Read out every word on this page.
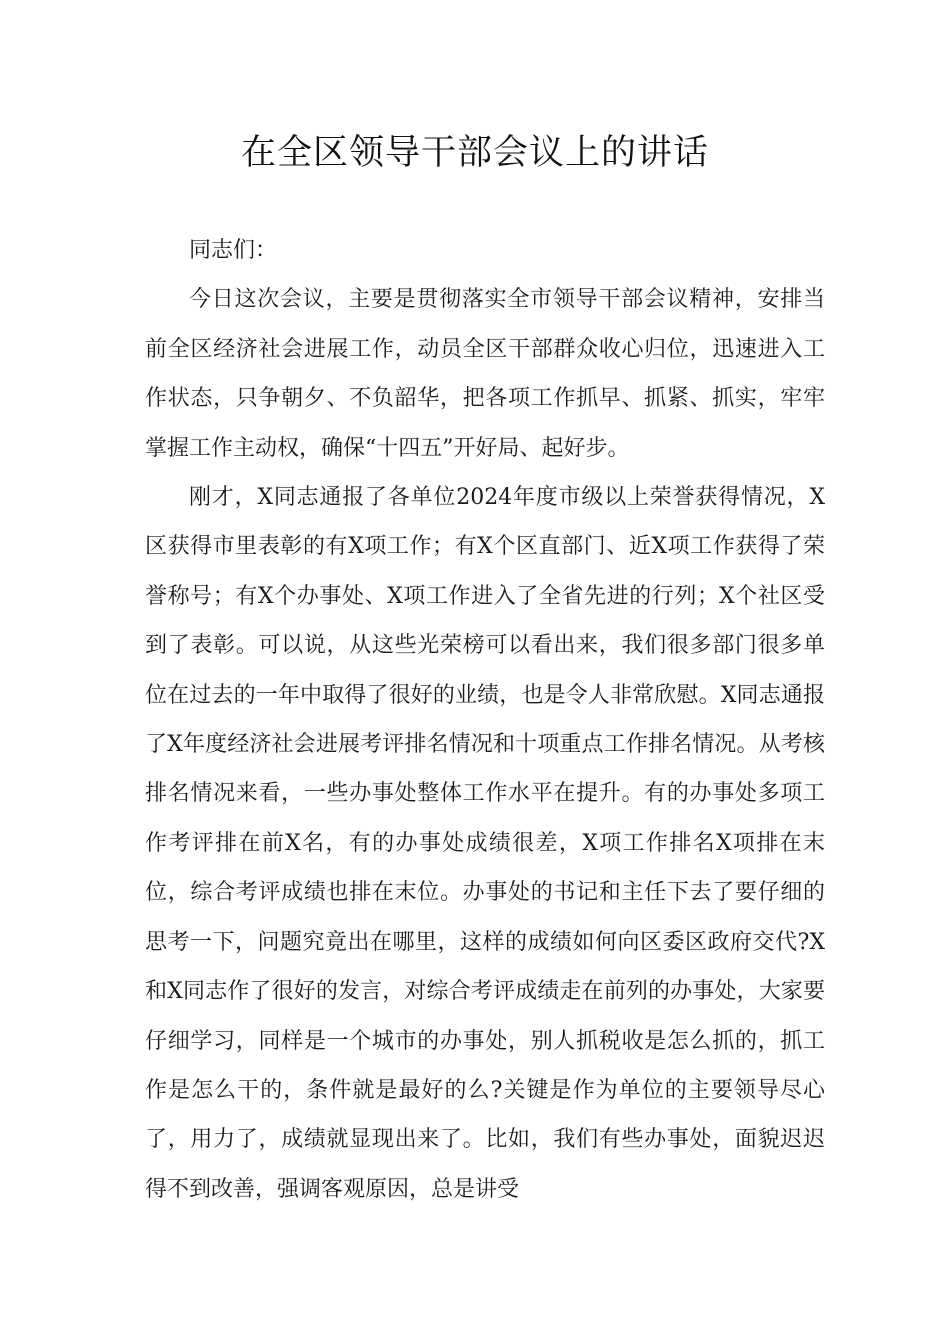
在全区领导干部会议上的讲话

同志们：

今日这次会议，主要是贯彻落实全市领导干部会议精神，安排当前全区经济社会进展工作，动员全区干部群众收心归位，迅速进入工作状态，只争朝夕、不负韶华，把各项工作抓早、抓紧、抓实，牢牢掌握工作主动权，确保“十四五”开好局、起好步。

刚才，X同志通报了各单位2024年度市级以上荣誉获得情况，X区获得市里表彰的有X项工作；有X个区直部门、近X项工作获得了荣誉称号；有X个办事处、X项工作进入了全省先进的行列；X个社区受到了表彰。可以说，从这些光荣榜可以看出来，我们很多部门很多单位在过去的一年中取得了很好的业绩，也是令人非常欣慰。X同志通报了X年度经济社会进展考评排名情况和十项重点工作排名情况。从考核排名情况来看，一些办事处整体工作水平在提升。有的办事处多项工作考评排在前X名，有的办事处成绩很差，X项工作排名X项排在末位，综合考评成绩也排在末位。办事处的书记和主任下去了要仔细的思考一下，问题究竟出在哪里，这样的成绩如何向区委区政府交代?X和X同志作了很好的发言，对综合考评成绩走在前列的办事处，大家要仔细学习，同样是一个城市的办事处，别人抓税收是怎么抓的，抓工作是怎么干的，条件就是最好的么?关键是作为单位的主要领导尽心了，用力了，成绩就显现出来了。比如，我们有些办事处，面貌迟迟得不到改善，强调客观原因，总是讲受
